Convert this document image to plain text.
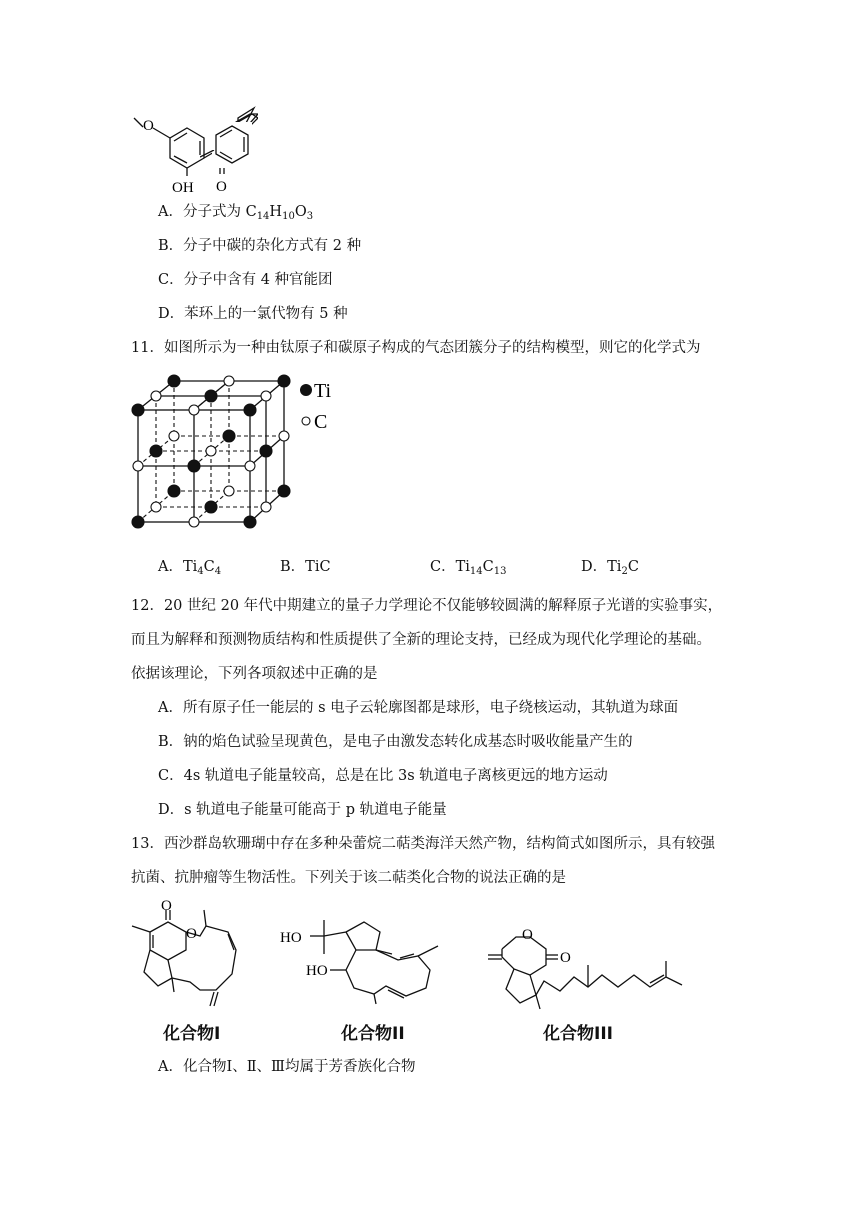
O
OH O
A．分子式为 $C_{14}H_{10}O_3$
B．分子中碳的杂化方式有 2 种
C．分子中含有 4 种官能团
D．苯环上的一氯代物有 5 种
11．如图所示为一种由钛原子和碳原子构成的气态团簇分子的结构模型，则它的化学式为
Ti
C
A．$Ti_4C_4$	B．TiC	C．$Ti_{14}C_{13}$	D．$Ti_2C$
12．20 世纪 20 年代中期建立的量子力学理论不仅能够较圆满的解释原子光谱的实验事实，
而且为解释和预测物质结构和性质提供了全新的理论支持，已经成为现代化学理论的基础。
依据该理论，下列各项叙述中正确的是
A．所有原子任一能层的 s 电子云轮廓图都是球形，电子绕核运动，其轨道为球面
B．钠的焰色试验呈现黄色，是电子由激发态转化成基态时吸收能量产生的
C．4s 轨道电子能量较高，总是在比 3s 轨道电子离核更远的地方运动
D．s 轨道电子能量可能高于 p 轨道电子能量
13．西沙群岛软珊瑚中存在多种朵蕾烷二萜类海洋天然产物，结构简式如图所示，具有较强
抗菌、抗肿瘤等生物活性。下列关于该二萜类化合物的说法正确的是
O
O
化合物I
HO
HO
化合物II
O
O
化合物III
A．化合物Ⅰ、Ⅱ、Ⅲ均属于芳香族化合物
